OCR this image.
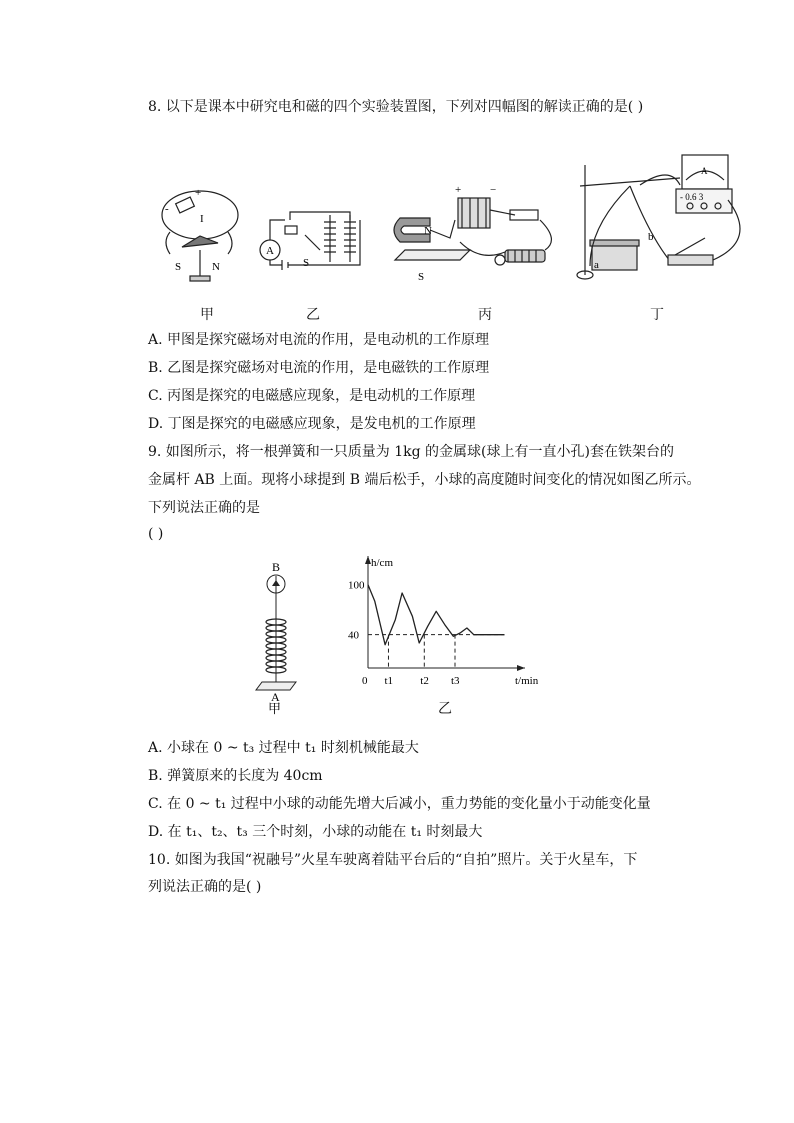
8. 以下是课本中研究电和磁的四个实验装置图，下列对四幅图的解读正确的是( )
+
-
I
S	N
A
S
+	−
N
S
A
a
b
- 0.6 3
甲	乙	丙	丁
A. 甲图是探究磁场对电流的作用，是电动机的工作原理
B. 乙图是探究磁场对电流的作用，是电磁铁的工作原理
C. 丙图是探究的电磁感应现象，是电动机的工作原理
D. 丁图是探究的电磁感应现象，是发电机的工作原理
9. 如图所示，将一根弹簧和一只质量为 1kg 的金属球(球上有一直小孔)套在铁架台的
金属杆 AB 上面。现将小球提到 B 端后松手，小球的高度随时间变化的情况如图乙所示。
下列说法正确的是
( )
B
A
甲
h/cm
t/min
100
40
0 t1 t2 t3
乙
A. 小球在 0 ~ t₃ 过程中 t₁ 时刻机械能最大
B. 弹簧原来的长度为 40cm
C. 在 0 ~ t₁ 过程中小球的动能先增大后减小，重力势能的变化量小于动能变化量
D. 在 t₁、t₂、t₃ 三个时刻，小球的动能在 t₁ 时刻最大
10. 如图为我国“祝融号”火星车驶离着陆平台后的“自拍”照片。关于火星车，下
列说法正确的是( )
